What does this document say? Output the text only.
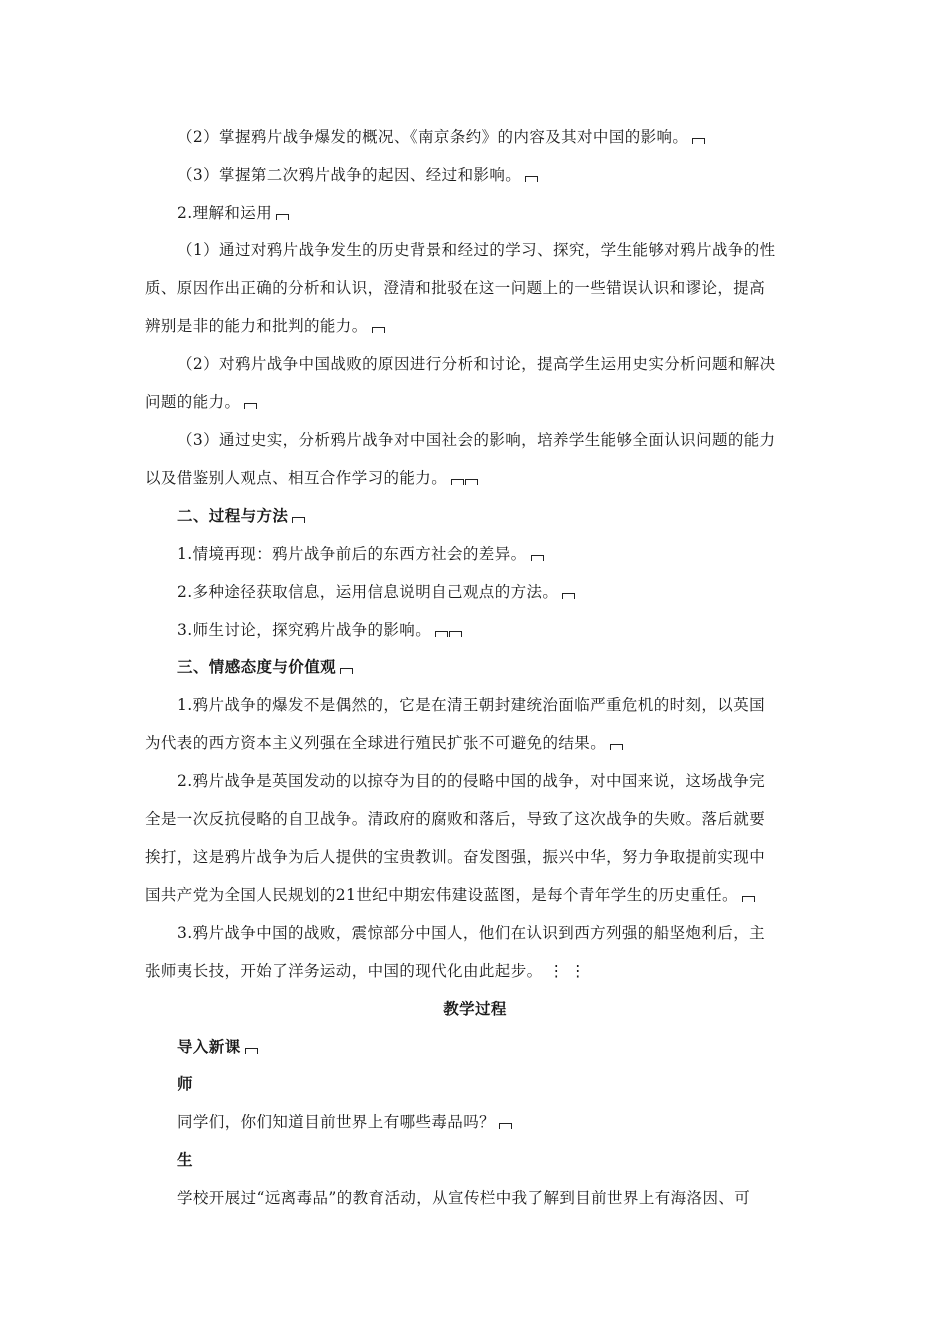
（2）掌握鸦片战争爆发的概况、《南京条约》的内容及其对中国的影响。
（3）掌握第二次鸦片战争的起因、经过和影响。
2.理解和运用
（1）通过对鸦片战争发生的历史背景和经过的学习、探究，学生能够对鸦片战争的性
质、原因作出正确的分析和认识，澄清和批驳在这一问题上的一些错误认识和谬论，提高
辨别是非的能力和批判的能力。
（2）对鸦片战争中国战败的原因进行分析和讨论，提高学生运用史实分析问题和解决
问题的能力。
（3）通过史实，分析鸦片战争对中国社会的影响，培养学生能够全面认识问题的能力
以及借鉴别人观点、相互合作学习的能力。
二、过程与方法
1.情境再现：鸦片战争前后的东西方社会的差异。
2.多种途径获取信息，运用信息说明自己观点的方法。
3.师生讨论，探究鸦片战争的影响。
三、情感态度与价值观
1.鸦片战争的爆发不是偶然的，它是在清王朝封建统治面临严重危机的时刻，以英国
为代表的西方资本主义列强在全球进行殖民扩张不可避免的结果。
2.鸦片战争是英国发动的以掠夺为目的的侵略中国的战争，对中国来说，这场战争完
全是一次反抗侵略的自卫战争。清政府的腐败和落后，导致了这次战争的失败。落后就要
挨打，这是鸦片战争为后人提供的宝贵教训。奋发图强，振兴中华，努力争取提前实现中
国共产党为全国人民规划的21世纪中期宏伟建设蓝图，是每个青年学生的历史重任。
3.鸦片战争中国的战败，震惊部分中国人，他们在认识到西方列强的船坚炮利后，主
张师夷长技，开始了洋务运动，中国的现代化由此起步。 ⋮⋮
教学过程
导入新课
师
同学们，你们知道目前世界上有哪些毒品吗？
生
学校开展过“远离毒品”的教育活动，从宣传栏中我了解到目前世界上有海洛因、可
